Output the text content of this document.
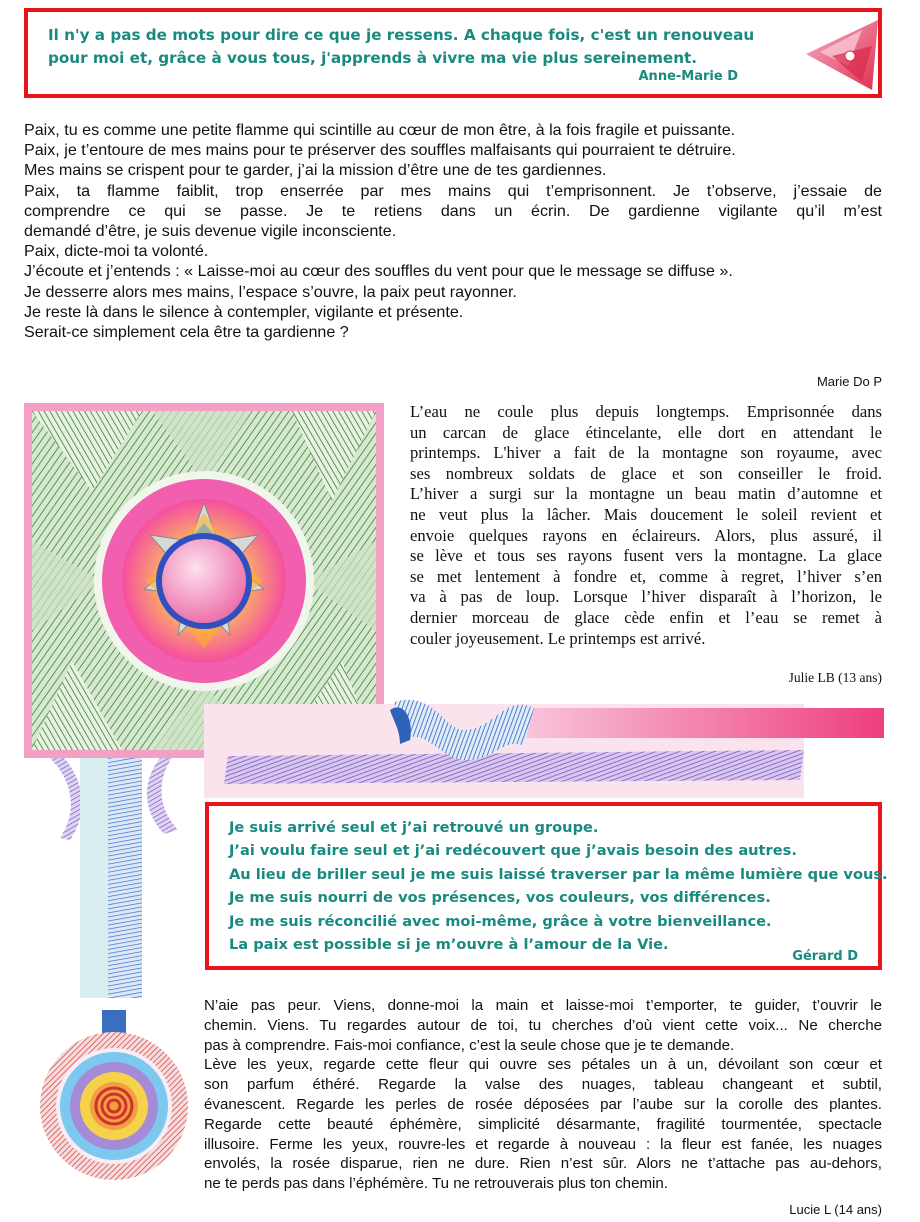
Il n'y a pas de mots pour dire ce que je ressens. A chaque fois, c'est un renouveau
pour moi et, grâce à vous tous, j'apprends à vivre ma vie plus sereinement.
Anne-Marie D
Paix, tu es comme une petite flamme qui scintille au cœur de mon être, à la fois fragile et puissante.
Paix, je t’entoure de mes mains pour te préserver des souffles malfaisants qui pourraient te détruire.
Mes mains se crispent pour te garder, j’ai la mission d’être une de tes gardiennes.
Paix, ta flamme faiblit, trop enserrée par mes mains qui t’emprisonnent. Je t’observe, j’essaie de
comprendre ce qui se passe. Je te retiens dans un écrin. De gardienne vigilante qu’il m’est
demandé d’être, je suis devenue vigile inconsciente.
Paix, dicte-moi ta volonté.
J’écoute et j’entends : « Laisse-moi au cœur des souffles du vent pour que le message se diffuse ».
Je desserre alors mes mains, l’espace s’ouvre, la paix peut rayonner.
Je reste là dans le silence à contempler, vigilante et présente.
Serait-ce simplement cela être ta gardienne ?
Marie Do P
L’eau ne coule plus depuis longtemps. Emprisonnée dans
un carcan de glace étincelante, elle dort en attendant le
printemps. L'hiver a fait de la montagne son royaume, avec
ses nombreux soldats de glace et son conseiller le froid.
L’hiver a surgi sur la montagne un beau matin d’automne et
ne veut plus la lâcher. Mais doucement le soleil revient et
envoie quelques rayons en éclaireurs. Alors, plus assuré, il
se lève et tous ses rayons fusent vers la montagne. La glace
se met lentement à fondre et, comme à regret, l’hiver s’en
va à pas de loup. Lorsque l’hiver disparaît à l’horizon, le
dernier morceau de glace cède enfin et l’eau se remet à
couler joyeusement. Le printemps est arrivé.
Julie LB (13 ans)
Je suis arrivé seul et j’ai retrouvé un groupe.
J’ai voulu faire seul et j’ai redécouvert que j’avais besoin des autres.
Au lieu de briller seul je me suis laissé traverser par la même lumière que vous.
Je me suis nourri de vos présences, vos couleurs, vos différences.
Je me suis réconcilié avec moi-même, grâce à votre bienveillance.
La paix est possible si je m’ouvre à l’amour de la Vie.
Gérard D
N’aie pas peur. Viens, donne-moi la main et laisse-moi t’emporter, te guider, t’ouvrir le
chemin. Viens. Tu regardes autour de toi, tu cherches d’où vient cette voix... Ne cherche
pas à comprendre. Fais-moi confiance, c’est la seule chose que je te demande.
Lève les yeux, regarde cette fleur qui ouvre ses pétales un à un, dévoilant son cœur et
son parfum éthéré. Regarde la valse des nuages, tableau changeant et subtil,
évanescent. Regarde les perles de rosée déposées par l’aube sur la corolle des plantes.
Regarde cette beauté éphémère, simplicité désarmante, fragilité tourmentée, spectacle
illusoire. Ferme les yeux, rouvre-les et regarde à nouveau : la fleur est fanée, les nuages
envolés, la rosée disparue, rien ne dure. Rien n’est sûr. Alors ne t’attache pas au-dehors,
ne te perds pas dans l’éphémère. Tu ne retrouverais plus ton chemin.
Lucie L (14 ans)
